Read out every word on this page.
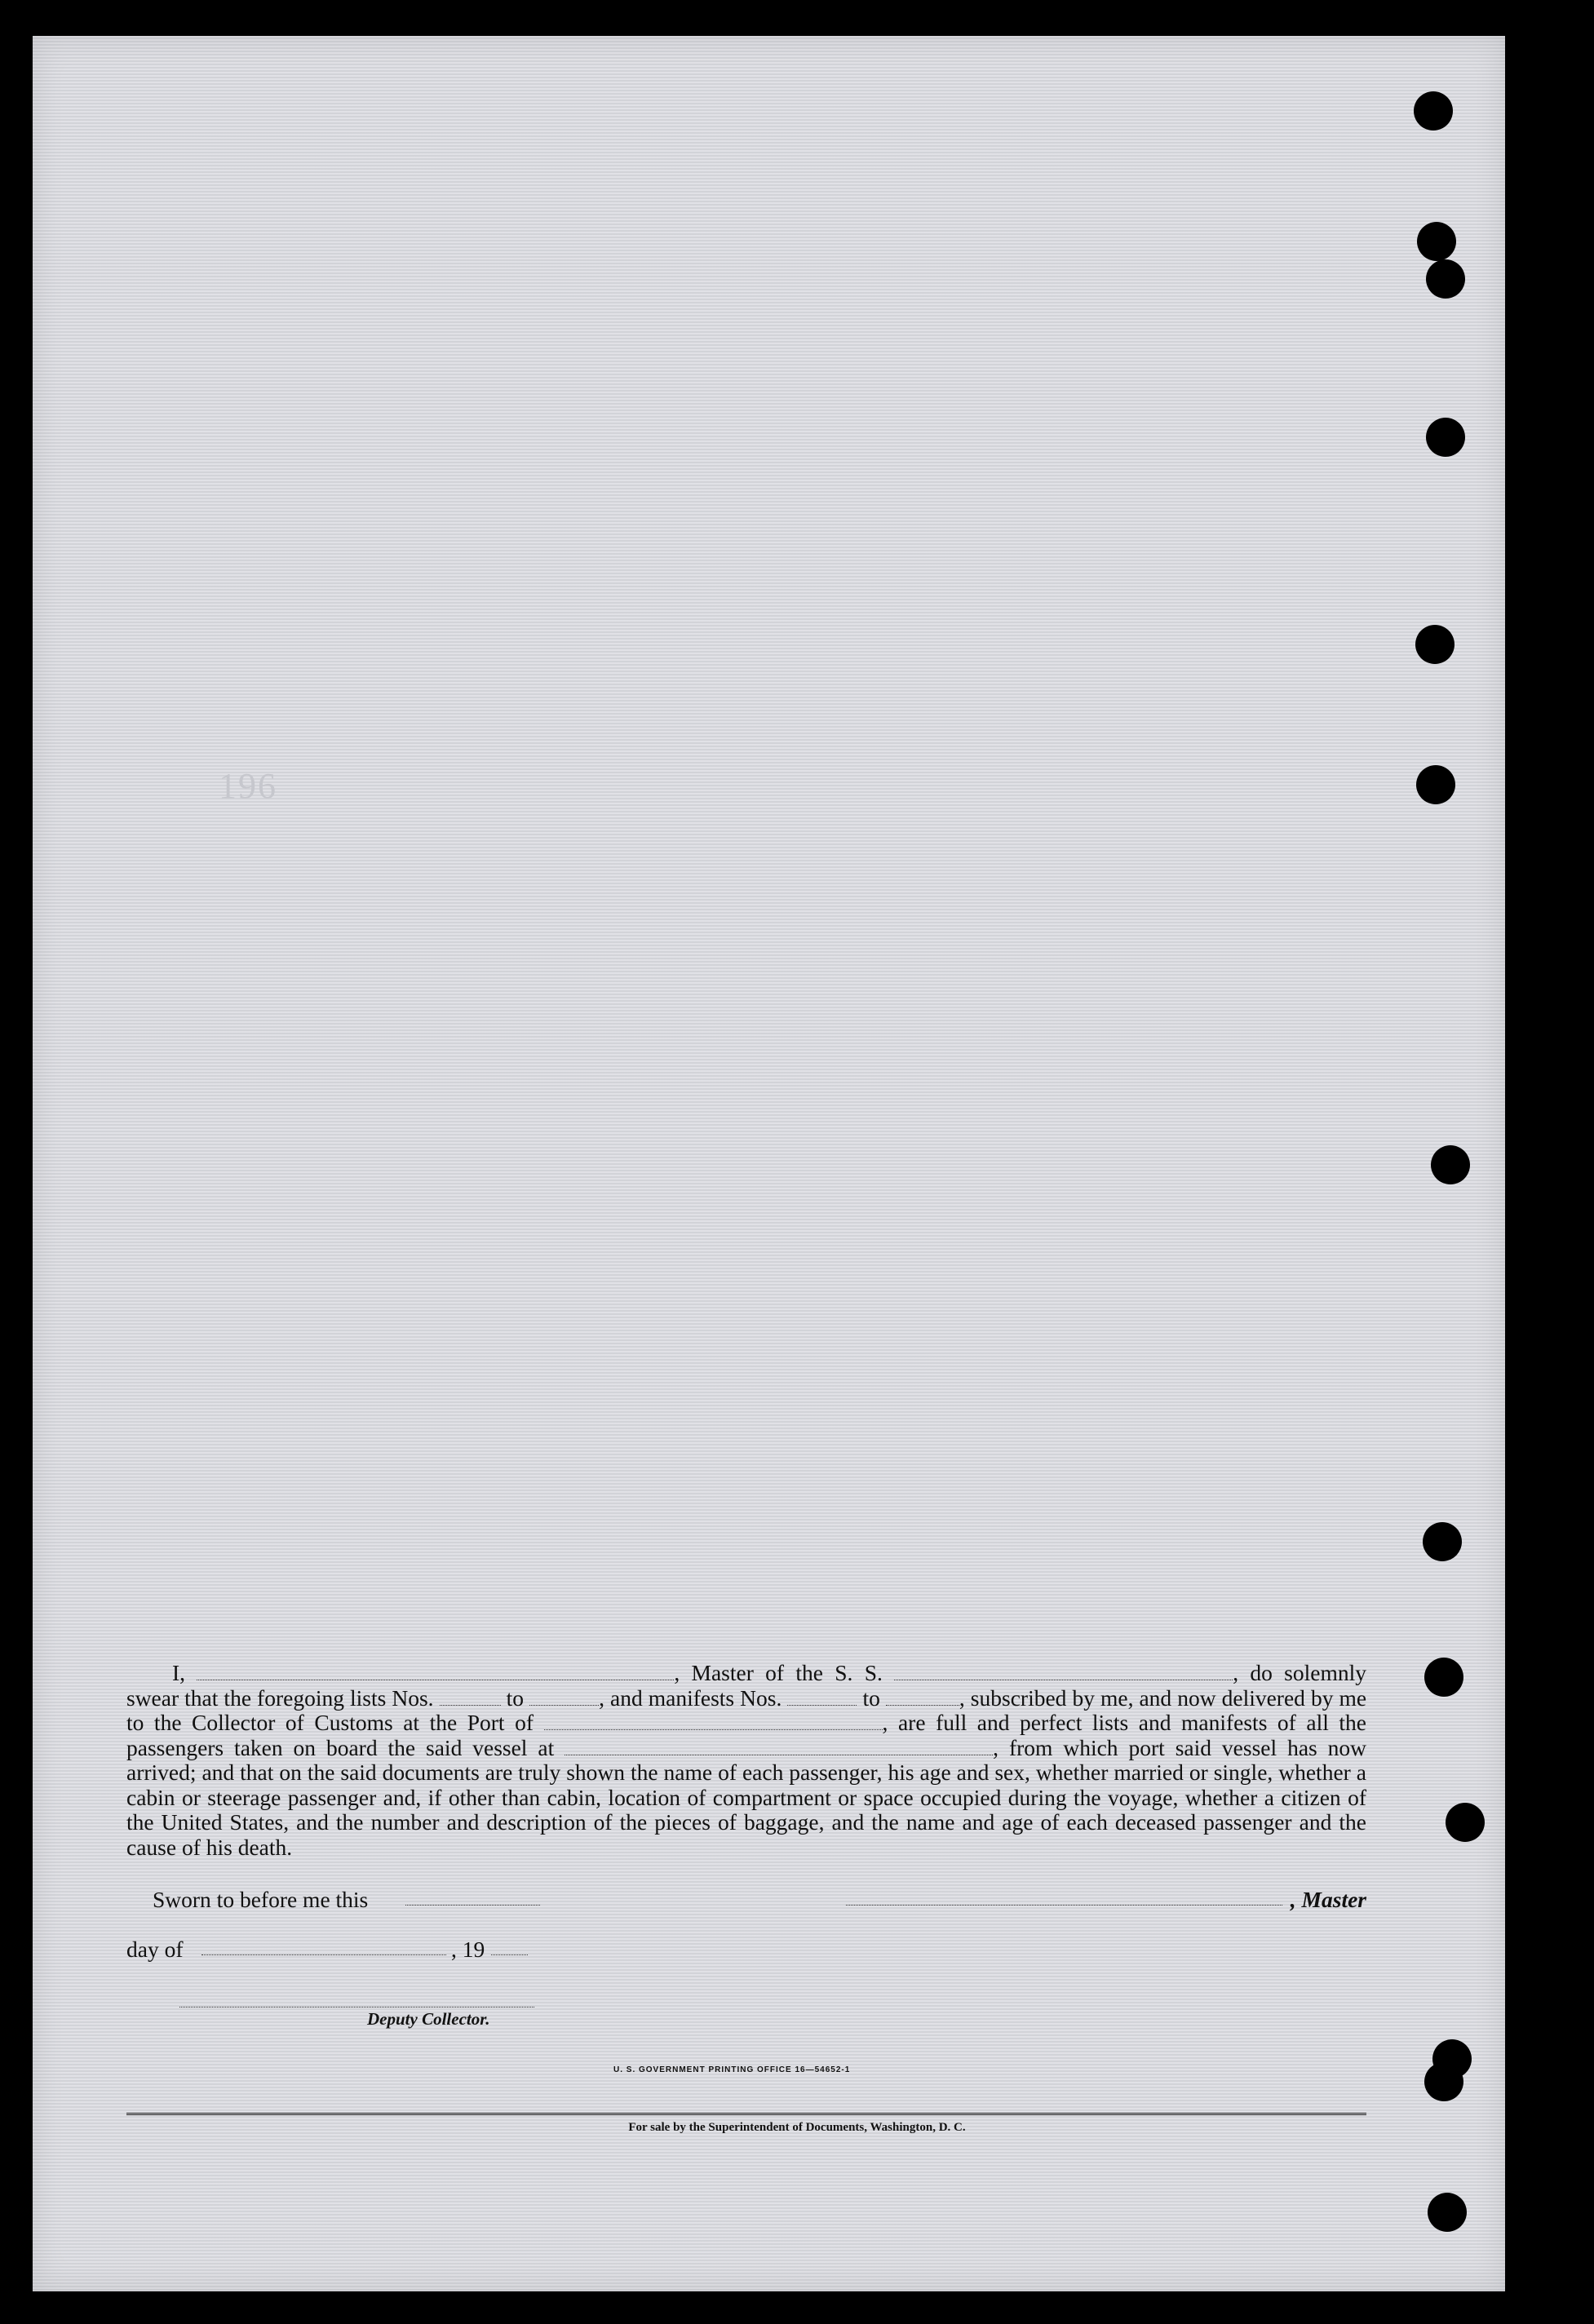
196
I,	, Master of the S. S.	, do solemnly swear that the foregoing lists Nos.	to	, and manifests Nos.	to	, subscribed by me, and now delivered by me to the Collector of Customs at the Port of	, are full and perfect lists and manifests of all the passengers taken on board the said vessel at	, from which port said vessel has now arrived; and that on the said documents are truly shown the name of each passenger, his age and sex, whether married or single, whether a cabin or steerage passenger and, if other than cabin, location of compartment or space occupied during the voyage, whether a citizen of the United States, and the number and description of the pieces of baggage, and the name and age of each deceased passenger and the cause of his death.
Sworn to before me this	, Master
day of	, 19
Deputy Collector.
U. S. GOVERNMENT PRINTING OFFICE 16—54652-1
For sale by the Superintendent of Documents, Washington, D. C.
